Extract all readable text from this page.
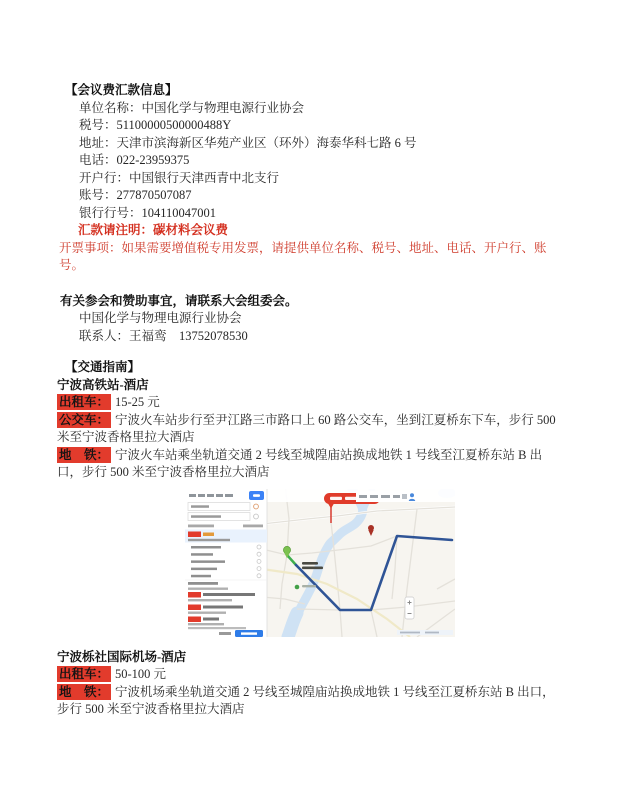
【会议费汇款信息】

单位名称：中国化学与物理电源行业协会

税号：51100000500000488Y

地址：天津市滨海新区华苑产业区（环外）海泰华科七路 6 号

电话：022-23959375

开户行：中国银行天津西青中北支行

账号：277870507087

银行行号：104110047001

汇款请注明：碳材料会议费

开票事项：如果需要增值税专用发票，请提供单位名称、税号、地址、电话、开户行、账号。

有关参会和赞助事宜，请联系大会组委会。

中国化学与物理电源行业协会

联系人：王福鸾　13752078530

【交通指南】

宁波高铁站-酒店

出租车： 15-25 元

公交车： 宁波火车站步行至尹江路三市路口上 60 路公交车，坐到江夏桥东下车，步行 500 米至宁波香格里拉大酒店

地　铁： 宁波火车站乘坐轨道交通 2 号线至城隍庙站换成地铁 1 号线至江夏桥东站 B 出口，步行 500 米至宁波香格里拉大酒店

宁波栎社国际机场-酒店

出租车： 50-100 元

地　铁： 宁波机场乘坐轨道交通 2 号线至城隍庙站换成地铁 1 号线至江夏桥东站 B 出口，步行 500 米至宁波香格里拉大酒店
